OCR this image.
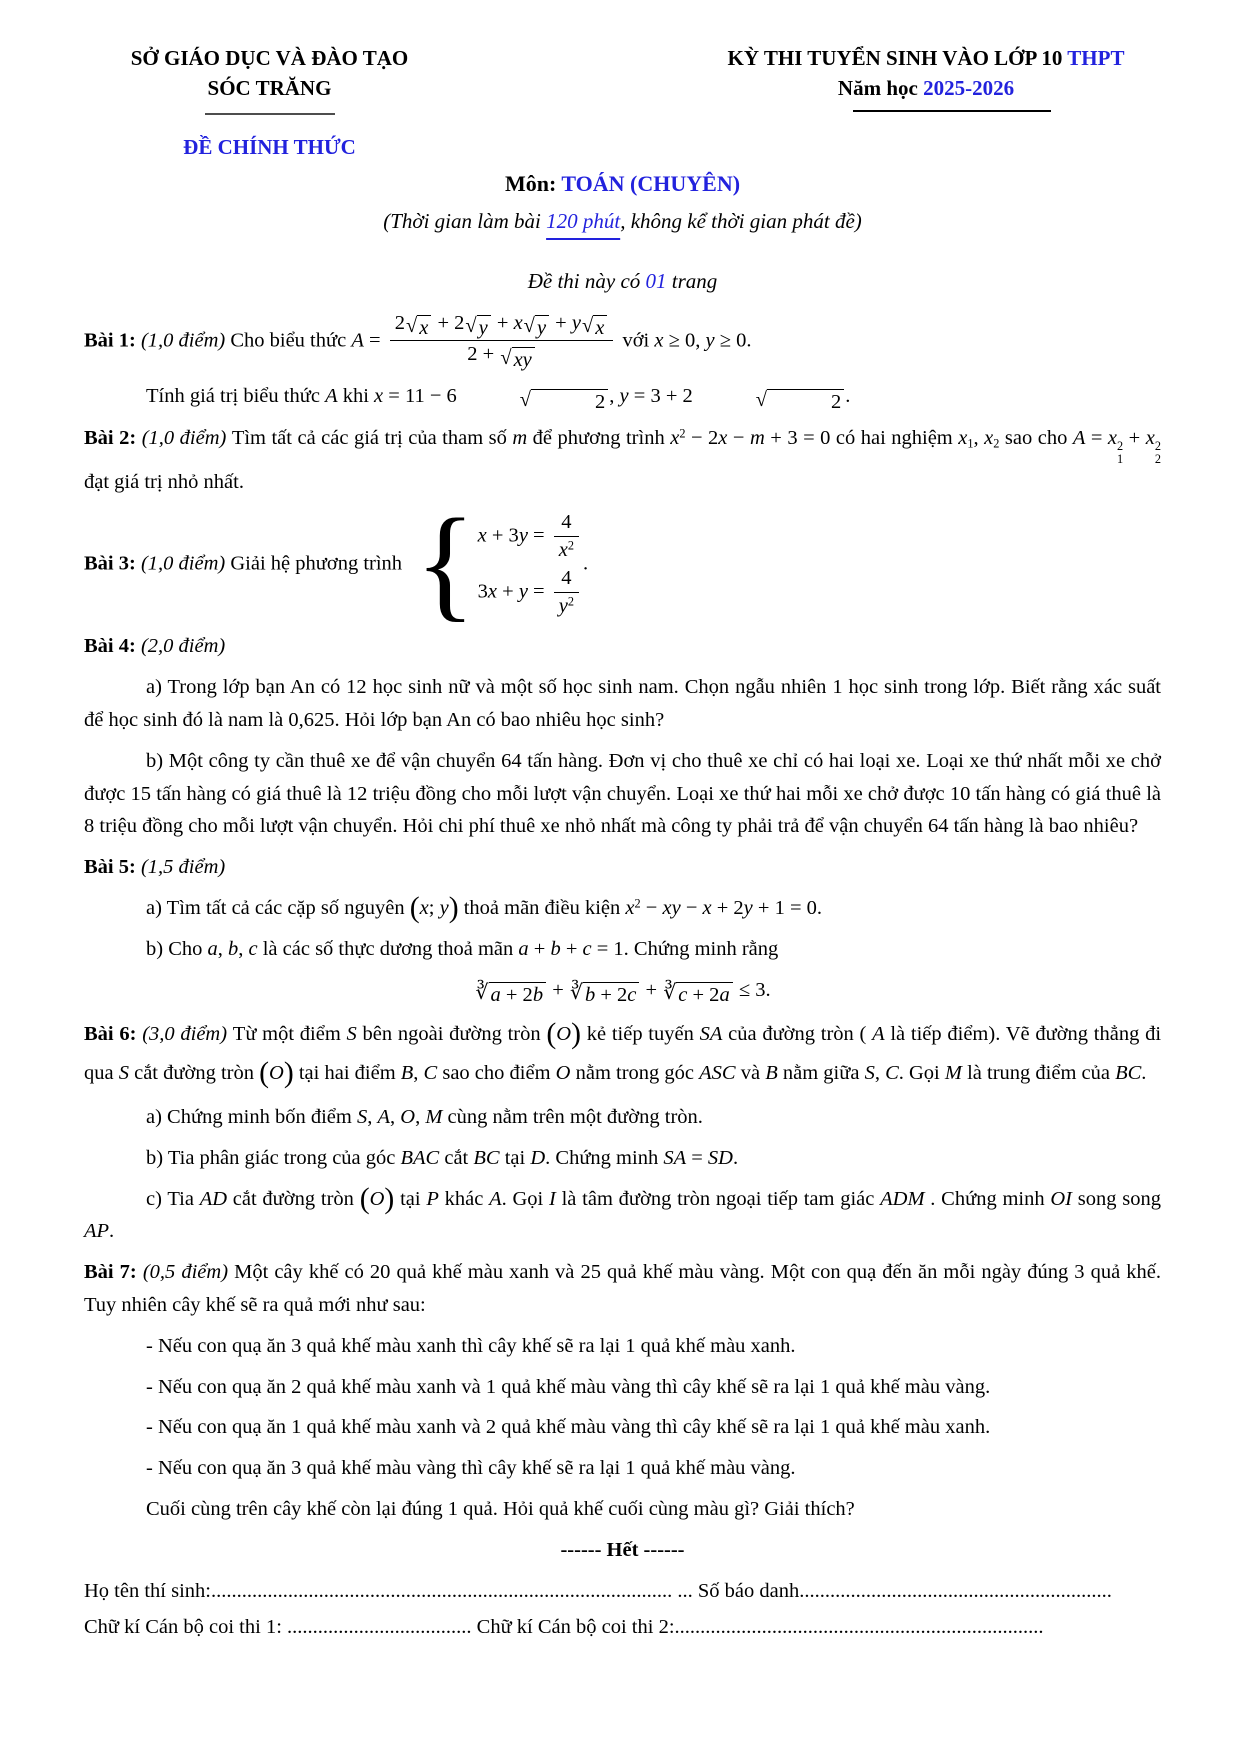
SỞ GIÁO DỤC VÀ ĐÀO TẠO
SÓC TRĂNG
ĐỀ CHÍNH THỨC
KỲ THI TUYỂN SINH VÀO LỚP 10 THPT
Năm học 2025-2026
Môn: TOÁN (CHUYÊN)
(Thời gian làm bài 120 phút, không kể thời gian phát đề)
Đề thi này có 01 trang

Bài 1: (1,0 điểm) Cho biểu thức $A = \frac{2 √ x + 2 √ y + x √ y + y √ x}{2 + √ xy}$ với x ≥ 0, y ≥ 0.

Tính giá trị biểu thức A khi x = 11 − 6	√	2 , y = 3 + 2	√	2 .

Bài 2: (1,0 điểm) Tìm tất cả các giá trị của tham số m để phương trình $x^2 - 2x - m + 3 = 0$ có hai nghiệm $x_1$, $x_2$ sao cho A = x 2
1
+ x 2
2
đạt giá trị nhỏ nhất.

Bài 3: (1,0 điểm) Giải hệ phương trình { $x + 3y = \frac{4}{x^2}$
$3x + y = \frac{4}{y^2}$
.

Bài 4: (2,0 điểm)

a) Trong lớp bạn An có 12 học sinh nữ và một số học sinh nam. Chọn ngẫu nhiên 1 học sinh trong lớp. Biết rằng xác suất để học sinh đó là nam là 0,625. Hỏi lớp bạn An có bao nhiêu học sinh?

b) Một công ty cần thuê xe để vận chuyển 64 tấn hàng. Đơn vị cho thuê xe chỉ có hai loại xe. Loại xe thứ nhất mỗi xe chở được 15 tấn hàng có giá thuê là 12 triệu đồng cho mỗi lượt vận chuyển. Loại xe thứ hai mỗi xe chở được 10 tấn hàng có giá thuê là 8 triệu đồng cho mỗi lượt vận chuyển. Hỏi chi phí thuê xe nhỏ nhất mà công ty phải trả để vận chuyển 64 tấn hàng là bao nhiêu?

Bài 5: (1,5 điểm)

a) Tìm tất cả các cặp số nguyên (x; y) thoả mãn điều kiện $x^2$ − xy − x + 2y + 1 = 0.

b) Cho a, b, c là các số thực dương thoả mãn a + b + c = 1. Chứng minh rằng

∛ a + 2b + ∛ b + 2c + ∛ c + 2a ≤ 3.

Bài 6: (3,0 điểm) Từ một điểm S bên ngoài đường tròn (O) kẻ tiếp tuyến SA của đường tròn ( A là tiếp điểm). Vẽ đường thẳng đi qua S cắt đường tròn (O) tại hai điểm B, C sao cho điểm O nằm trong góc ASC và B nằm giữa S, C. Gọi M là trung điểm của BC.

a) Chứng minh bốn điểm S, A, O, M cùng nằm trên một đường tròn.

b) Tia phân giác trong của góc BAC cắt BC tại D. Chứng minh SA = SD.

c) Tia AD cắt đường tròn (O) tại P khác A. Gọi I là tâm đường tròn ngoại tiếp tam giác ADM . Chứng minh OI song song AP.

Bài 7: (0,5 điểm) Một cây khế có 20 quả khế màu xanh và 25 quả khế màu vàng. Một con quạ đến ăn mỗi ngày đúng 3 quả khế. Tuy nhiên cây khế sẽ ra quả mới như sau:

- Nếu con quạ ăn 3 quả khế màu xanh thì cây khế sẽ ra lại 1 quả khế màu xanh.

- Nếu con quạ ăn 2 quả khế màu xanh và 1 quả khế màu vàng thì cây khế sẽ ra lại 1 quả khế màu vàng.

- Nếu con quạ ăn 1 quả khế màu xanh và 2 quả khế màu vàng thì cây khế sẽ ra lại 1 quả khế màu xanh.

- Nếu con quạ ăn 3 quả khế màu vàng thì cây khế sẽ ra lại 1 quả khế màu vàng.

Cuối cùng trên cây khế còn lại đúng 1 quả. Hỏi quả khế cuối cùng màu gì? Giải thích?

------ Hết ------

Họ tên thí sinh:.......................................................................................... ... Số báo danh.............................................................

Chữ kí Cán bộ coi thi 1: .................................... Chữ kí Cán bộ coi thi 2:........................................................................
